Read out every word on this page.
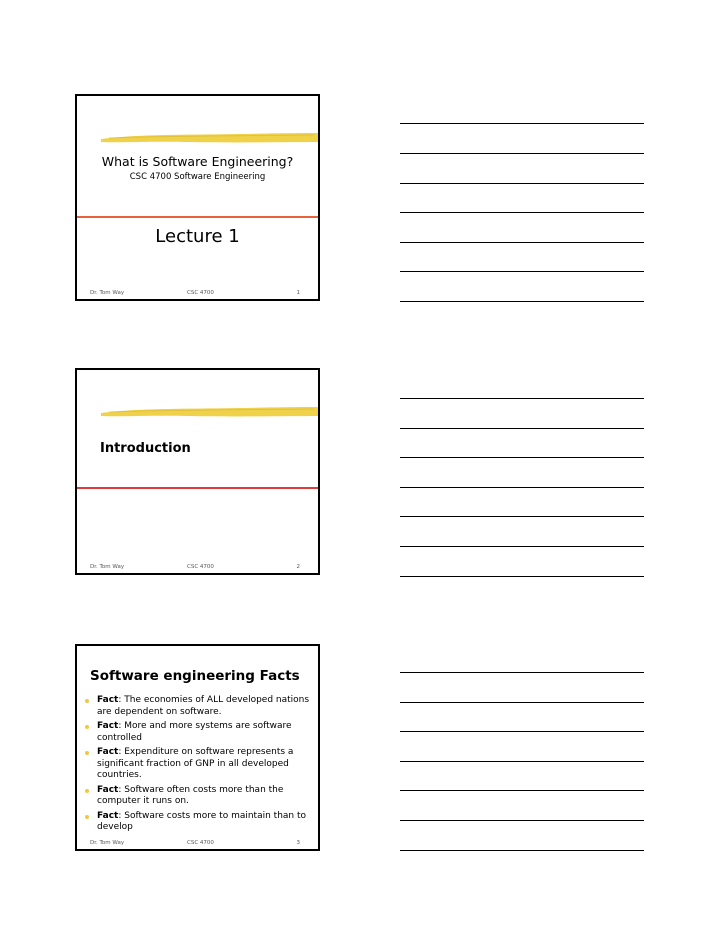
What is Software Engineering?
CSC 4700 Software Engineering
Lecture 1
Dr. Tom Way	CSC 4700	1
Introduction
Dr. Tom Way	CSC 4700	2
Software engineering Facts
Fact: The economies of ALL developed nations are dependent on software.
Fact: More and more systems are software controlled
Fact: Expenditure on software represents a significant fraction of GNP in all developed countries.
Fact: Software often costs more than the computer it runs on.
Fact: Software costs more to maintain than to develop
Dr. Tom Way	CSC 4700	3
